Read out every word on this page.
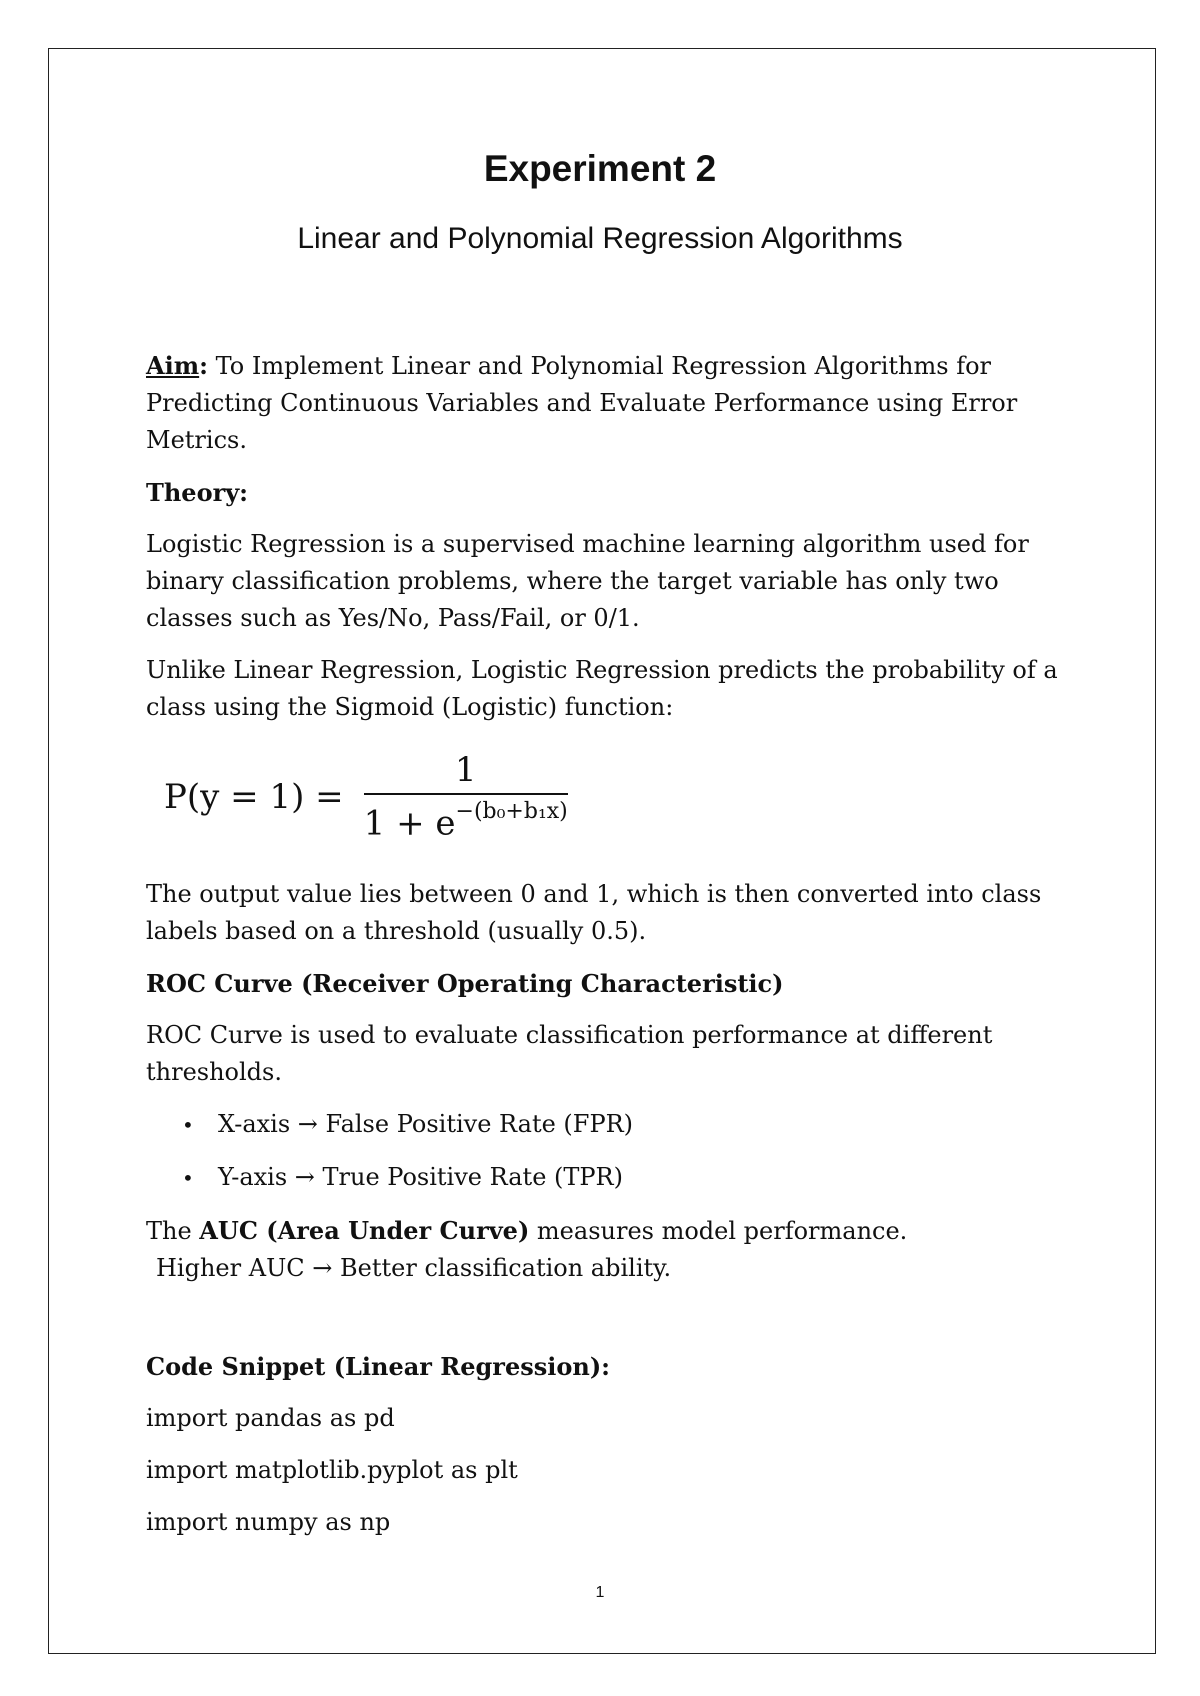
Experiment 2
Linear and Polynomial Regression Algorithms

Aim: To Implement Linear and Polynomial Regression Algorithms for Predicting Continuous Variables and Evaluate Performance using Error Metrics.

Theory:

Logistic Regression is a supervised machine learning algorithm used for binary classification problems, where the target variable has only two classes such as Yes/No, Pass/Fail, or 0/1.

Unlike Linear Regression, Logistic Regression predicts the probability of a class using the Sigmoid (Logistic) function:

$P(y = 1) = \frac{1}{1 + e^{-(b_0+b_1x)}}$

The output value lies between 0 and 1, which is then converted into class labels based on a threshold (usually 0.5).

ROC Curve (Receiver Operating Characteristic)

ROC Curve is used to evaluate classification performance at different thresholds.

•	X-axis → False Positive Rate (FPR)
•	Y-axis → True Positive Rate (TPR)

The AUC (Area Under Curve) measures model performance.

Higher AUC → Better classification ability.

Code Snippet (Linear Regression):

import pandas as pd

import matplotlib.pyplot as plt

import numpy as np

1
